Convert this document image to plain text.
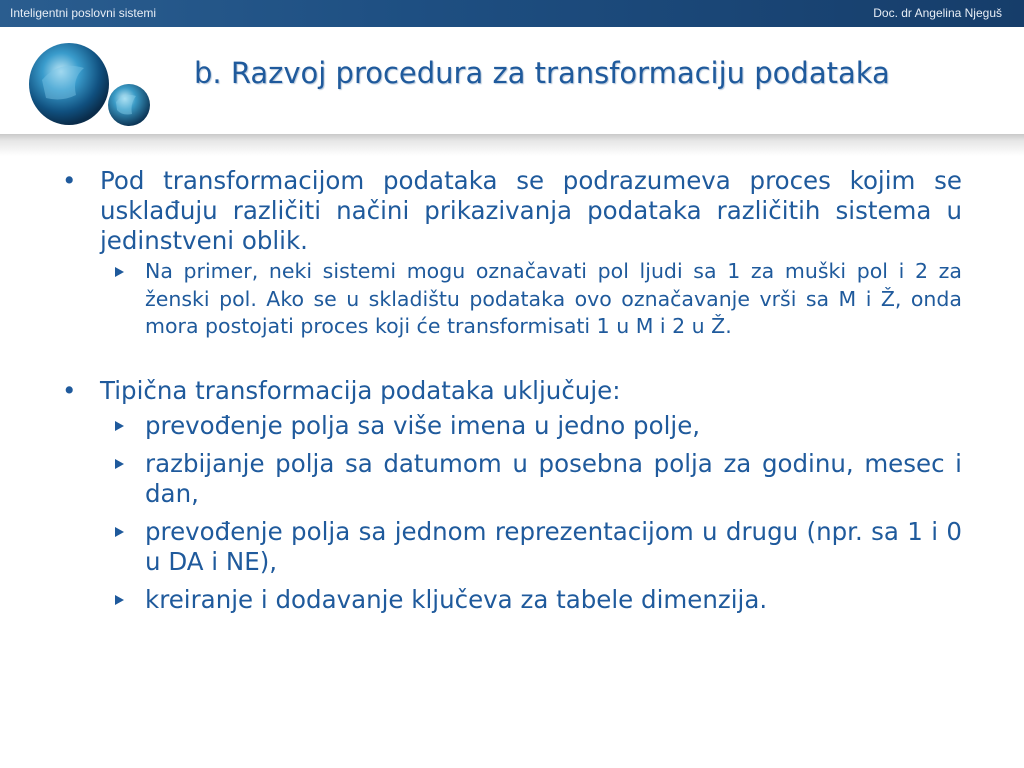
Inteligentni poslovni sistemi	Doc. dr Angelina Njeguš
b. Razvoj procedura za transformaciju podataka
• Pod transformacijom podataka se podrazumeva proces kojim se usklađuju različiti načini prikazivanja podataka različitih sistema u jedinstveni oblik.
Na primer, neki sistemi mogu označavati pol ljudi sa 1 za muški pol i 2 za ženski pol. Ako se u skladištu podataka ovo označavanje vrši sa M i Ž, onda mora postojati proces koji će transformisati 1 u M i 2 u Ž.
• Tipična transformacija podataka uključuje:
prevođenje polja sa više imena u jedno polje,
razbijanje polja sa datumom u posebna polja za godinu, mesec i dan,
prevođenje polja sa jednom reprezentacijom u drugu (npr. sa 1 i 0 u DA i NE),
kreiranje i dodavanje ključeva za tabele dimenzija.
